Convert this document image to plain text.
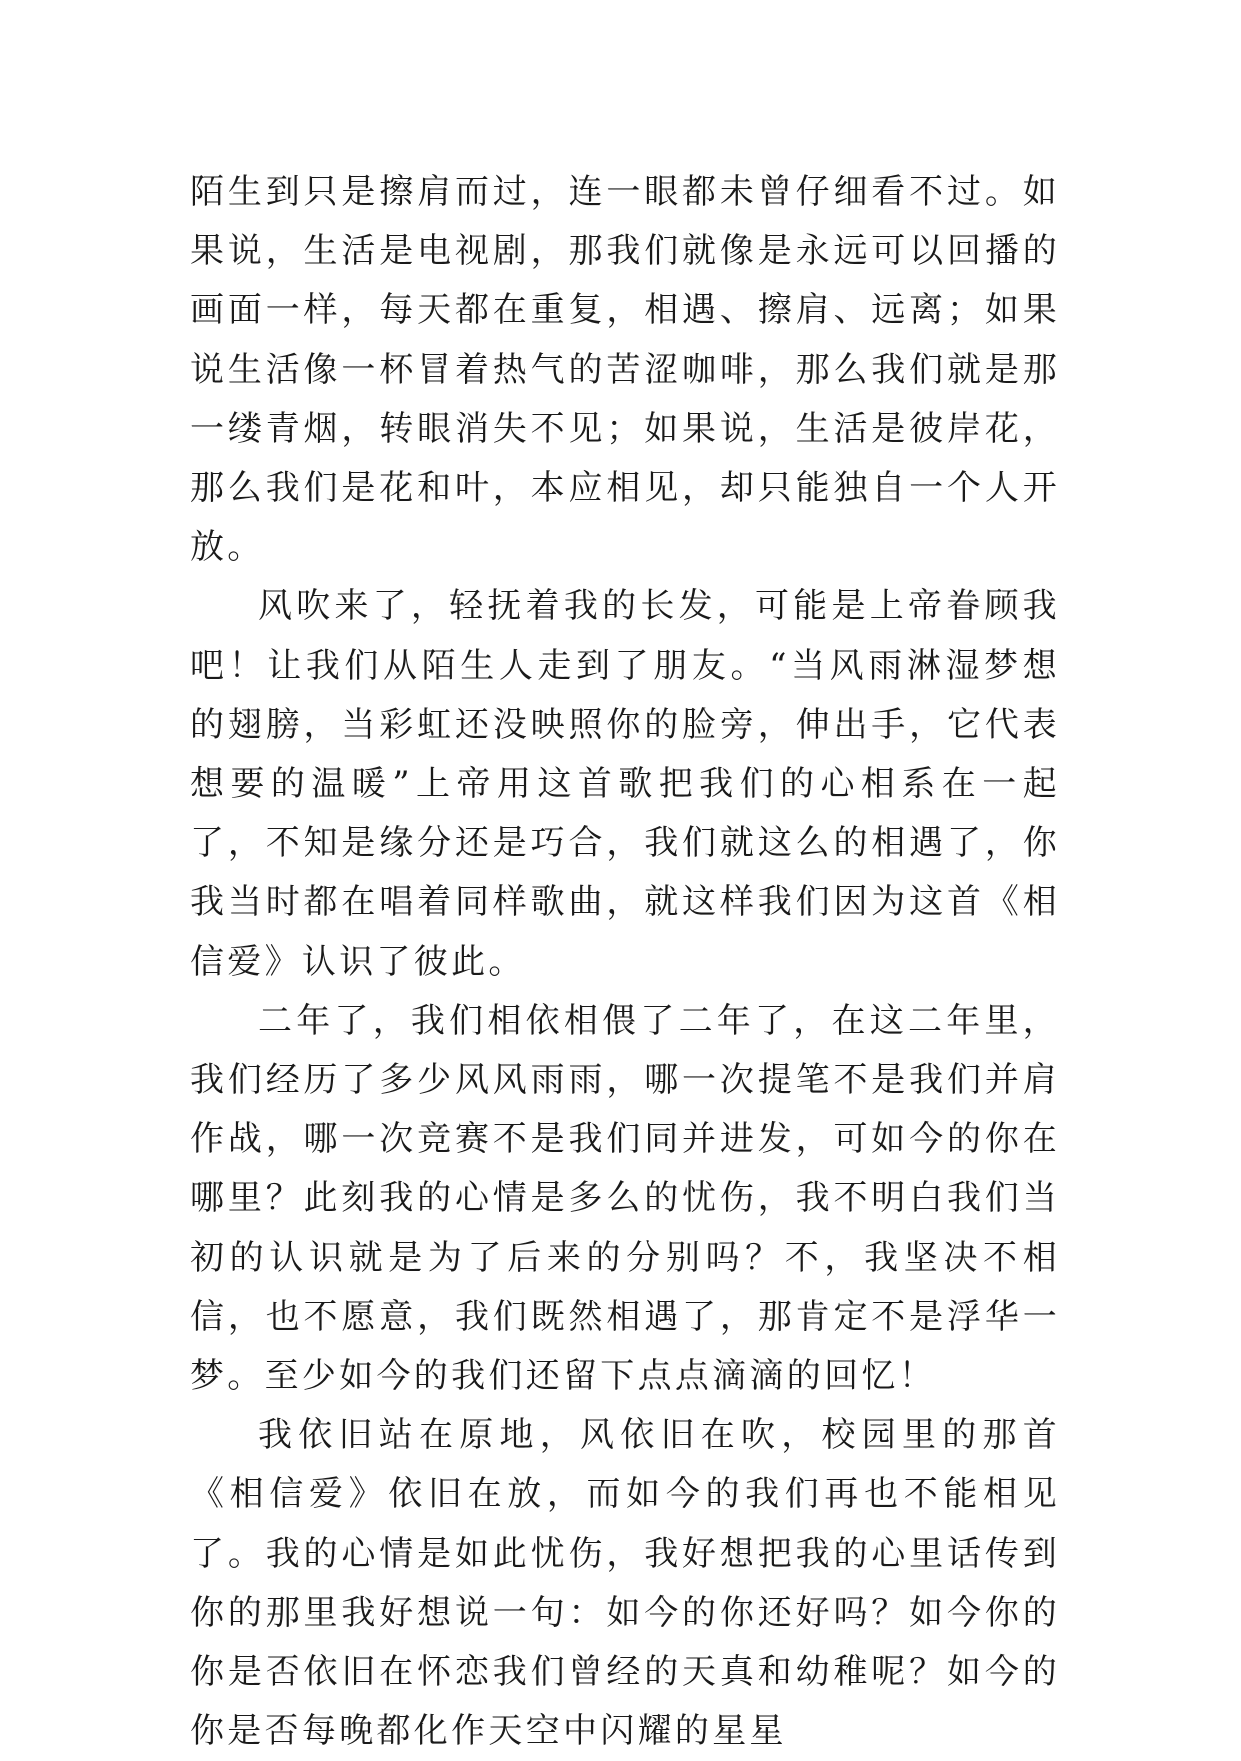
陌生到只是擦肩而过，连一眼都未曾仔细看不过。如果说，生活是电视剧，那我们就像是永远可以回播的画面一样，每天都在重复，相遇、擦肩、远离；如果说生活像一杯冒着热气的苦涩咖啡，那么我们就是那一缕青烟，转眼消失不见；如果说，生活是彼岸花，那么我们是花和叶，本应相见，却只能独自一个人开放。

风吹来了，轻抚着我的长发，可能是上帝眷顾我吧！让我们从陌生人走到了朋友。“当风雨淋湿梦想的翅膀，当彩虹还没映照你的脸旁，伸出手，它代表想要的温暖”上帝用这首歌把我们的心相系在一起了，不知是缘分还是巧合，我们就这么的相遇了，你我当时都在唱着同样歌曲，就这样我们因为这首《相信爱》认识了彼此。

二年了，我们相依相偎了二年了，在这二年里，我们经历了多少风风雨雨，哪一次提笔不是我们并肩作战，哪一次竞赛不是我们同并进发，可如今的你在哪里？此刻我的心情是多么的忧伤，我不明白我们当初的认识就是为了后来的分别吗？不，我坚决不相信，也不愿意，我们既然相遇了，那肯定不是浮华一梦。至少如今的我们还留下点点滴滴的回忆！

我依旧站在原地，风依旧在吹，校园里的那首《相信爱》依旧在放，而如今的我们再也不能相见了。我的心情是如此忧伤，我好想把我的心里话传到你的那里我好想说一句：如今的你还好吗？如今你的你是否依旧在怀恋我们曾经的天真和幼稚呢？如今的你是否每晚都化作天空中闪耀的星星
